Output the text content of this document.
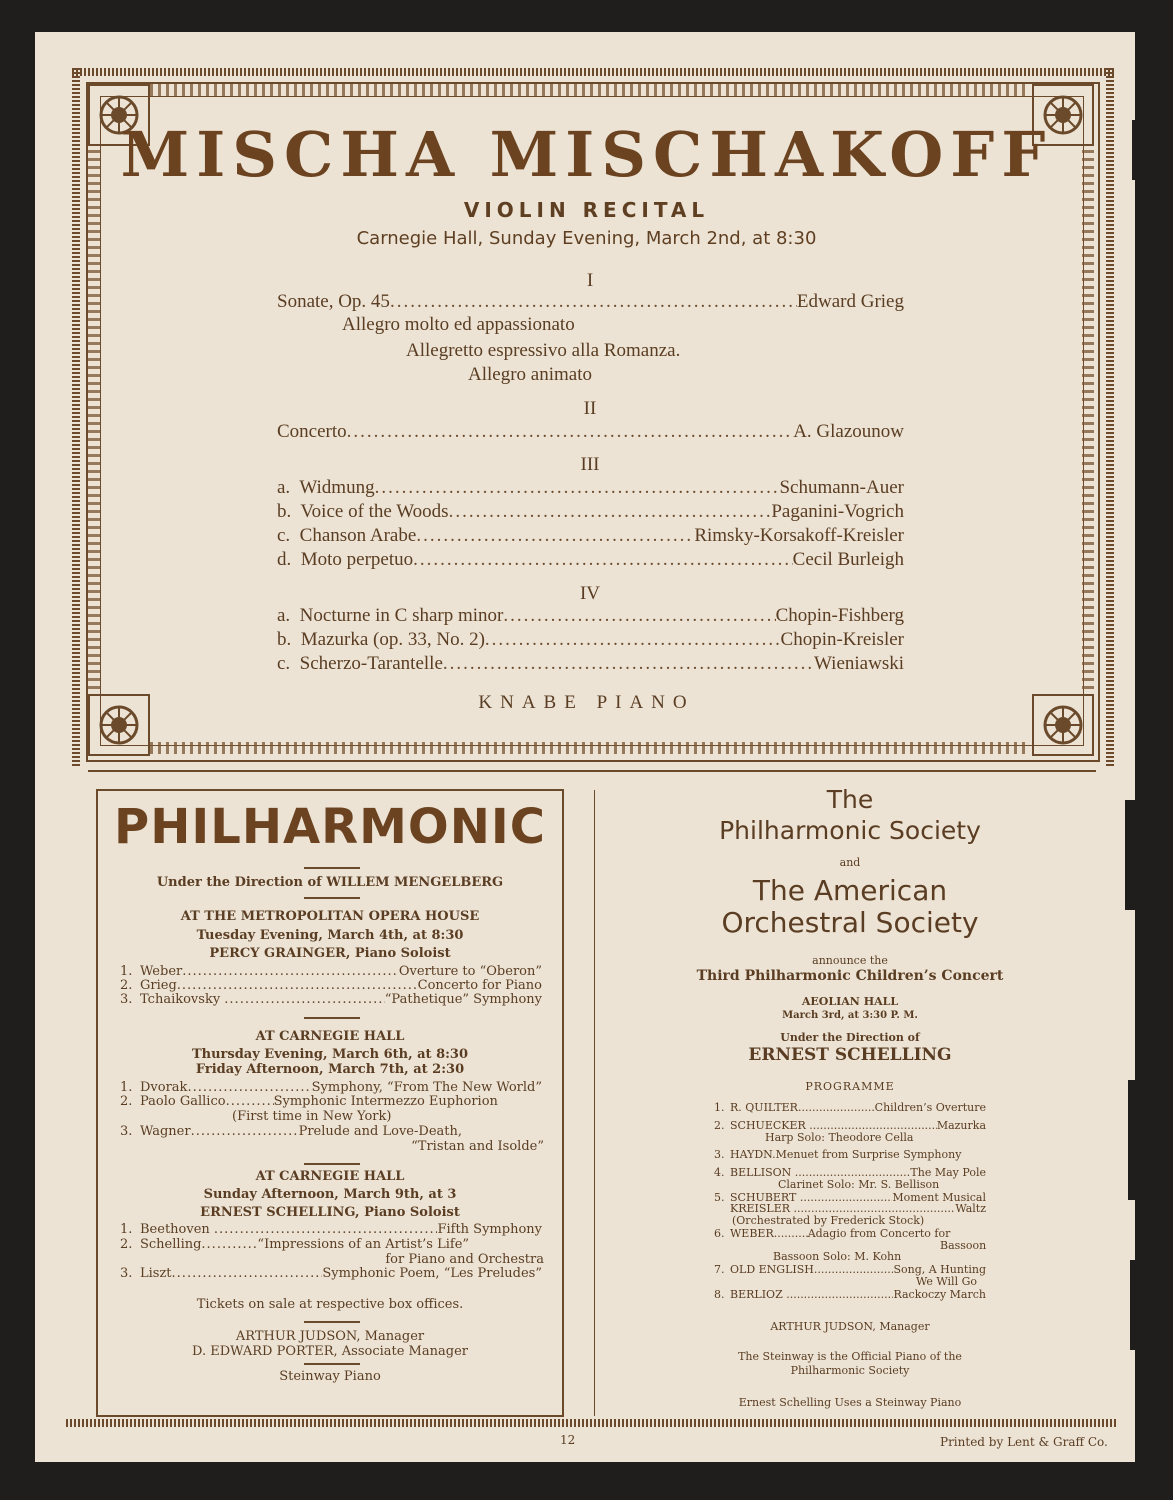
MISCHA MISCHAKOFF
VIOLIN RECITAL
Carnegie Hall, Sunday Evening, March 2nd, at 8:30
I
Sonate, Op. 45 .....	Edward Grieg
Allegro molto ed appassionato
Allegretto espressivo alla Romanza.
Allegro animato
II
Concerto .....	A. Glazounow
III
a.  Widmung .....	Schumann-Auer
b.  Voice of the Woods .....	Paganini-Vogrich
c.  Chanson Arabe .....	Rimsky-Korsakoff-Kreisler
d.  Moto perpetuo .....	Cecil Burleigh
IV
a.  Nocturne in C sharp minor .....	Chopin-Fishberg
b.  Mazurka (op. 33, No. 2) .....	Chopin-Kreisler
c.  Scherzo-Tarantelle .....	Wieniawski
KNABE PIANO
PHILHARMONIC
Under the Direction of WILLEM MENGELBERG
AT THE METROPOLITAN OPERA HOUSE
Tuesday Evening, March 4th, at 8:30
PERCY GRAINGER, Piano Soloist
1. Weber .....	Overture to “Oberon”
2. Grieg .....	Concerto for Piano
3. Tchaikovsky .....	“Pathetique” Symphony
AT CARNEGIE HALL
Thursday Evening, March 6th, at 8:30
Friday Afternoon, March 7th, at 2:30
1. Dvorak .....	Symphony, “From The New World”
2. Paolo Gallico .....	Symphonic Intermezzo Euphorion
(First time in New York)
3. Wagner .....	Prelude and Love-Death,
“Tristan and Isolde”
AT CARNEGIE HALL
Sunday Afternoon, March 9th, at 3
ERNEST SCHELLING, Piano Soloist
1. Beethoven .....	Fifth Symphony
2. Schelling .....	“Impressions of an Artist’s Life”
for Piano and Orchestra
3. Liszt .....	Symphonic Poem, “Les Preludes”
Tickets on sale at respective box offices.
ARTHUR JUDSON, Manager
D. EDWARD PORTER, Associate Manager
Steinway Piano
The
Philharmonic Society
and
The American
Orchestral Society
announce the
Third Philharmonic Children’s Concert
AEOLIAN HALL
March 3rd, at 3:30 P. M.
Under the Direction of
ERNEST SCHELLING
PROGRAMME
1. R. QUILTER .....	Children’s Overture
2. SCHUECKER .....	Mazurka
Harp Solo: Theodore Cella
3. HAYDN. Menuet from Surprise Symphony
4. BELLISON .....	The May Pole
Clarinet Solo: Mr. S. Bellison
5. SCHUBERT .....	Moment Musical
KREISLER .....	Waltz
(Orchestrated by Frederick Stock)
6. WEBER .....	Adagio from Concerto for
Bassoon
Bassoon Solo: M. Kohn
7. OLD ENGLISH .....	Song, A Hunting
We Will Go
8. BERLIOZ .....	Rackoczy March
ARTHUR JUDSON, Manager
The Steinway is the Official Piano of the
Philharmonic Society
Ernest Schelling Uses a Steinway Piano
12	Printed by Lent & Graff Co.
